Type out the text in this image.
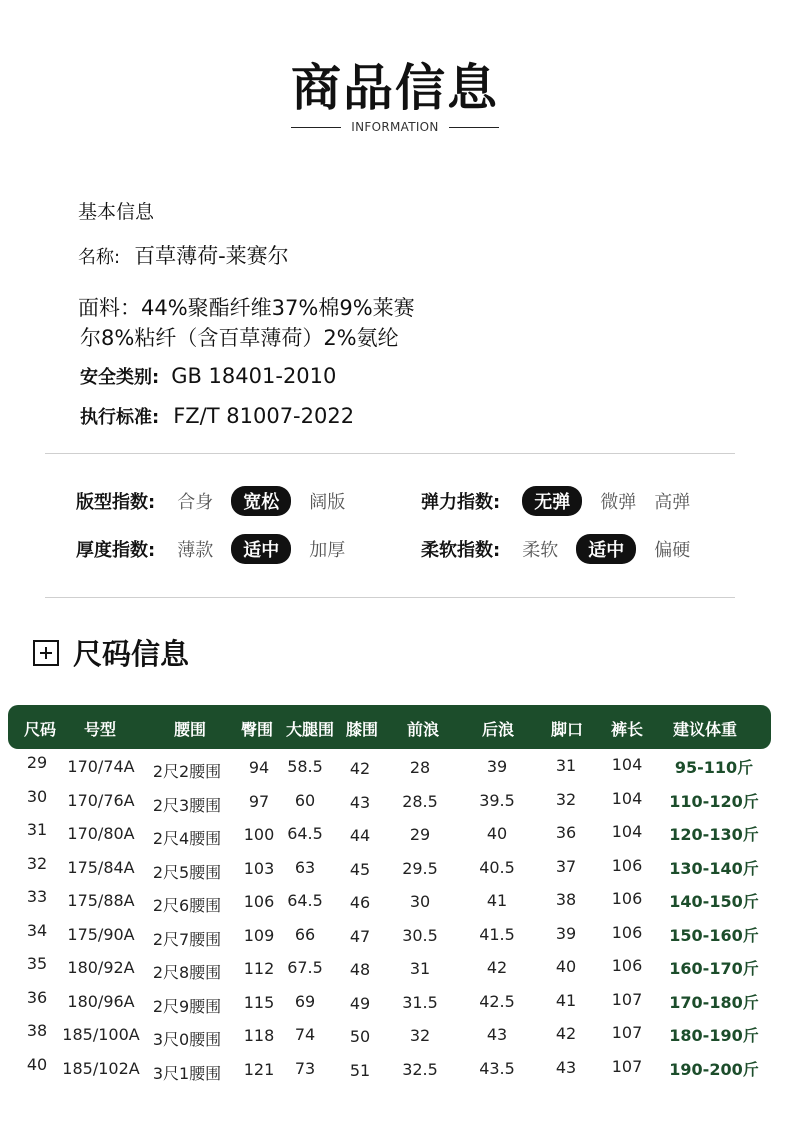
商品信息
INFORMATION
基本信息
名称: 百草薄荷-莱赛尔
面料：44%聚酯纤维37%棉9%莱赛
尔8%粘纤（含百草薄荷）2%氨纶
安全类别: GB 18401-2010
执行标准: FZ/T 81007-2022
版型指数: 合身	宽松	阔版	弹力指数:	无弹	微弹 高弹
厚度指数: 薄款	适中	加厚	柔软指数: 柔软	适中	偏硬
尺码信息
尺码 号型	腰围 臀围 大腿围 膝围 前浪	后浪 脚口 裤长 建议体重
29 170/74A 2尺2腰围 94 58.5 42 28	39	31 104 95-110斤
30 170/76A 2尺3腰围 97 60 43 28.5	39.5	32 104 110-120斤
31 170/80A 2尺4腰围 100 64.5 44 29	40	36 104 120-130斤
32 175/84A 2尺5腰围 103 63 45 29.5	40.5	37 106 130-140斤
33 175/88A 2尺6腰围 106 64.5 46 30	41	38 106 140-150斤
34 175/90A 2尺7腰围 109 66 47 30.5	41.5	39 106 150-160斤
35 180/92A 2尺8腰围 112 67.5 48 31	42	40 106 160-170斤
36 180/96A 2尺9腰围 115 69 49 31.5	42.5	41 107 170-180斤
38 185/100A 3尺0腰围 118 74 50 32	43	42 107 180-190斤
40 185/102A 3尺1腰围 121 73 51 32.5	43.5	43 107 190-200斤
